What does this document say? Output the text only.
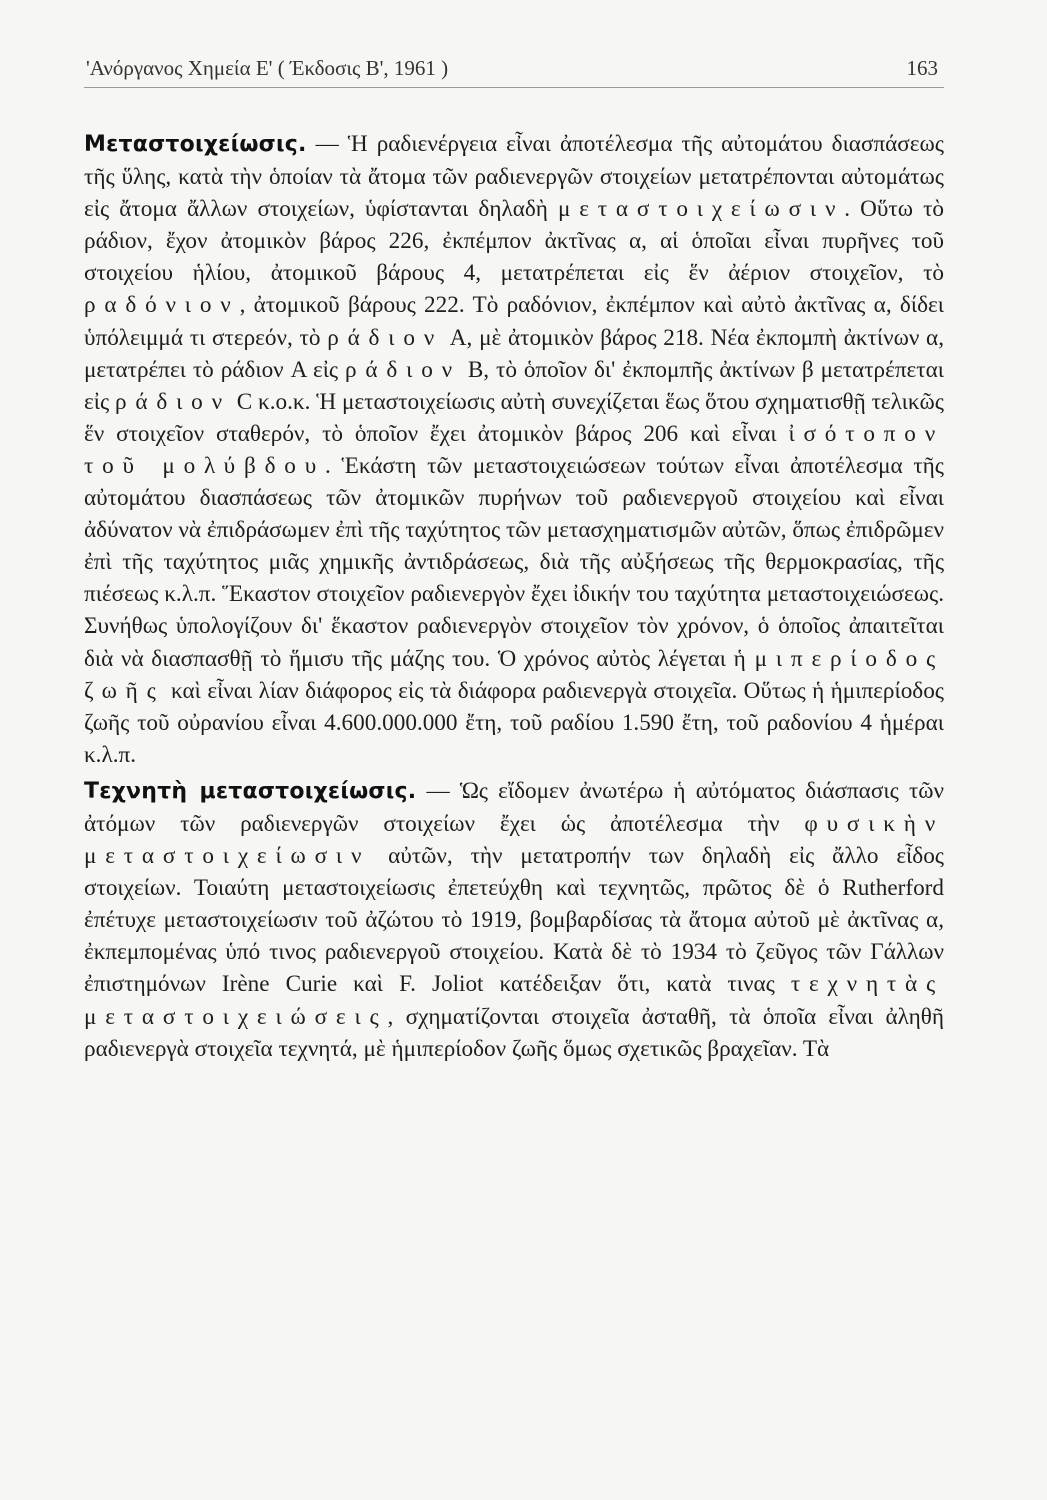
'Ανόργανος Χημεία Ε' ( Έκδοσις Β', 1961 )	163

Μεταστοιχείωσις. — Ἡ ραδιενέργεια εἶναι ἀποτέλεσμα τῆς αὐτομάτου διασπάσεως τῆς ὕλης, κατὰ τὴν ὁποίαν τὰ ἄτομα τῶν ραδιενεργῶν στοιχείων μετατρέπονται αὐτομάτως εἰς ἄτομα ἄλλων στοιχείων, ὑφίστανται δηλαδὴ μεταστοιχείωσιν. Οὕτω τὸ ράδιον, ἔχον ἀτομικὸν βάρος 226, ἐκπέμπον ἀκτῖνας α, αἱ ὁποῖαι εἶναι πυρῆνες τοῦ στοιχείου ἡλίου, ἀτομικοῦ βάρους 4, μετατρέπεται εἰς ἕν ἀέριον στοιχεῖον, τὸ ραδόνιον, ἀτομικοῦ βάρους 222. Τὸ ραδόνιον, ἐκπέμπον καὶ αὐτὸ ἀκτῖνας α, δίδει ὑπόλειμμά τι στερεόν, τὸ ράδιον A, μὲ ἀτομικὸν βάρος 218. Νέα ἐκπομπὴ ἀκτίνων α, μετατρέπει τὸ ράδιον A εἰς ράδιον B, τὸ ὁποῖον δι' ἐκπομπῆς ἀκτίνων β μετατρέπεται εἰς ράδιον C κ.ο.κ. Ἡ μεταστοιχείωσις αὐτὴ συνεχίζεται ἕως ὅτου σχηματισθῇ τελικῶς ἕν στοιχεῖον σταθερόν, τὸ ὁποῖον ἔχει ἀτομικὸν βάρος 206 καὶ εἶναι ἰσότοπον τοῦ μολύβδου. Ἑκάστη τῶν μεταστοιχειώσεων τούτων εἶναι ἀποτέλεσμα τῆς αὐτομάτου διασπάσεως τῶν ἀτομικῶν πυρήνων τοῦ ραδιενεργοῦ στοιχείου καὶ εἶναι ἀδύνατον νὰ ἐπιδράσωμεν ἐπὶ τῆς ταχύτητος τῶν μετασχηματισμῶν αὐτῶν, ὅπως ἐπιδρῶμεν ἐπὶ τῆς ταχύτητος μιᾶς χημικῆς ἀντιδράσεως, διὰ τῆς αὐξήσεως τῆς θερμοκρασίας, τῆς πιέσεως κ.λ.π. Ἕκαστον στοιχεῖον ραδιενεργὸν ἔχει ἰδικήν του ταχύτητα μεταστοιχειώσεως. Συνήθως ὑπολογίζουν δι' ἕκαστον ραδιενεργὸν στοιχεῖον τὸν χρόνον, ὁ ὁποῖος ἀπαιτεῖται διὰ νὰ διασπασθῇ τὸ ἥμισυ τῆς μάζης του. Ὁ χρόνος αὐτὸς λέγεται ἡμιπερίοδος ζωῆς καὶ εἶναι λίαν διάφορος εἰς τὰ διάφορα ραδιενεργὰ στοιχεῖα. Οὕτως ἡ ἡμιπερίοδος ζωῆς τοῦ οὐρανίου εἶναι 4.600.000.000 ἔτη, τοῦ ραδίου 1.590 ἔτη, τοῦ ραδονίου 4 ἡμέραι κ.λ.π.

Τεχνητὴ μεταστοιχείωσις. — Ὡς εἴδομεν ἀνωτέρω ἡ αὐτόματος διάσπασις τῶν ἀτόμων τῶν ραδιενεργῶν στοιχείων ἔχει ὡς ἀποτέλεσμα τὴν φυσικὴν μεταστοιχείωσιν αὐτῶν, τὴν μετατροπήν των δηλαδὴ εἰς ἄλλο εἶδος στοιχείων. Τοιαύτη μεταστοιχείωσις ἐπετεύχθη καὶ τεχνητῶς, πρῶτος δὲ ὁ Rutherford ἐπέτυχε μεταστοιχείωσιν τοῦ ἀζώτου τὸ 1919, βομβαρδίσας τὰ ἄτομα αὐτοῦ μὲ ἀκτῖνας α, ἐκπεμπομένας ὑπό τινος ραδιενεργοῦ στοιχείου. Κατὰ δὲ τὸ 1934 τὸ ζεῦγος τῶν Γάλλων ἐπιστημόνων Irène Curie καὶ F. Joliot κατέδειξαν ὅτι, κατὰ τινας τεχνητὰς μεταστοιχειώσεις, σχηματίζονται στοιχεῖα ἀσταθῆ, τὰ ὁποῖα εἶναι ἀληθῆ ραδιενεργὰ στοιχεῖα τεχνητά, μὲ ἡμιπερίοδον ζωῆς ὅμως σχετικῶς βραχεῖαν. Τὰ
